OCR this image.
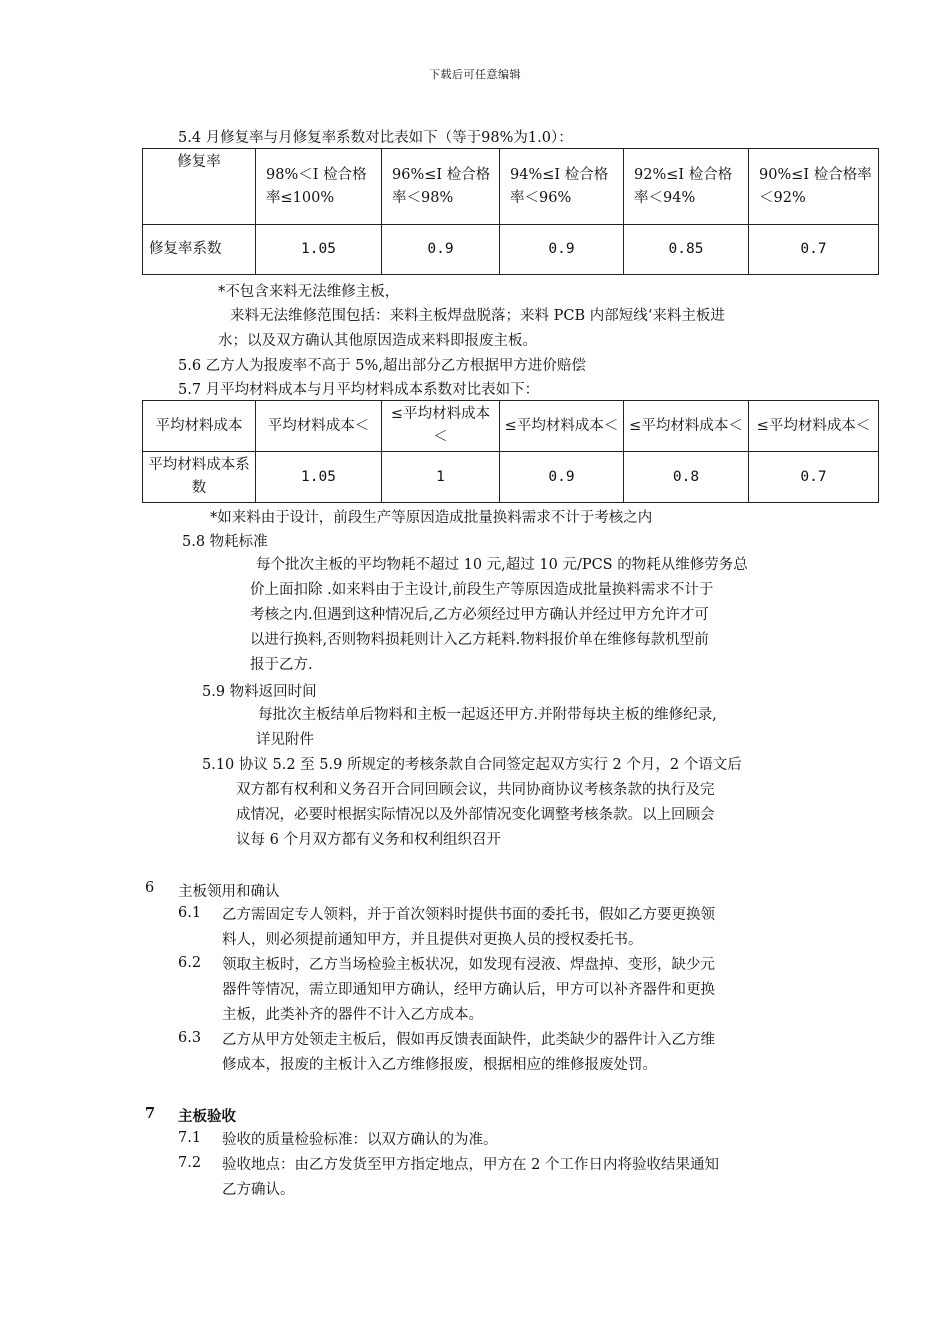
下载后可任意编辑
5.4 月修复率与月修复率系数对比表如下（等于98%为1.0）：
修复率	98%＜I 检合格率≤100%	96%≤I 检合格率＜98%	94%≤I 检合格率＜96%	92%≤I 检合格率＜94%	90%≤I 检合格率＜92%
修复率系数	1.05	0.9	0.9	0.85	0.7
*不包含来料无法维修主板，
来料无法维修范围包括：来料主板焊盘脱落；来料 PCB 内部短线‘来料主板进
水；以及双方确认其他原因造成来料即报废主板。
5.6 乙方人为报废率不高于 5%,超出部分乙方根据甲方进价赔偿
5.7 月平均材料成本与月平均材料成本系数对比表如下：
平均材料成本	平均材料成本＜	≤平均材料成本＜	≤平均材料成本＜	≤平均材料成本＜	≤平均材料成本＜
平均材料成本系数	1.05	1	0.9	0.8	0.7
*如来料由于设计，前段生产等原因造成批量换料需求不计于考核之内
5.8 物耗标准
每个批次主板的平均物耗不超过 10 元,超过 10 元/PCS 的物耗从维修劳务总
价上面扣除 .如来料由于主设计,前段生产等原因造成批量换料需求不计于
考核之内.但遇到这种情况后,乙方必须经过甲方确认并经过甲方允许才可
以进行换料,否则物料损耗则计入乙方耗料.物料报价单在维修每款机型前
报于乙方.
5.9 物料返回时间
每批次主板结单后物料和主板一起返还甲方.并附带每块主板的维修纪录,
详见附件
5.10 协议 5.2 至 5.9 所规定的考核条款自合同签定起双方实行 2 个月，2 个语文后
双方都有权利和义务召开合同回顾会议，共同协商协议考核条款的执行及完
成情况，必要时根据实际情况以及外部情况变化调整考核条款。以上回顾会
议每 6 个月双方都有义务和权利组织召开
6 主板领用和确认
6.1 乙方需固定专人领料，并于首次领料时提供书面的委托书，假如乙方要更换领
料人，则必须提前通知甲方，并且提供对更换人员的授权委托书。
6.2 领取主板时，乙方当场检验主板状况，如发现有浸液、焊盘掉、变形，缺少元
器件等情况，需立即通知甲方确认，经甲方确认后，甲方可以补齐器件和更换
主板，此类补齐的器件不计入乙方成本。
6.3 乙方从甲方处领走主板后，假如再反馈表面缺件，此类缺少的器件计入乙方维
修成本，报废的主板计入乙方维修报废，根据相应的维修报废处罚。
7 主板验收
7.1 验收的质量检验标准：以双方确认的为准。
7.2 验收地点：由乙方发货至甲方指定地点，甲方在 2 个工作日内将验收结果通知
乙方确认。
